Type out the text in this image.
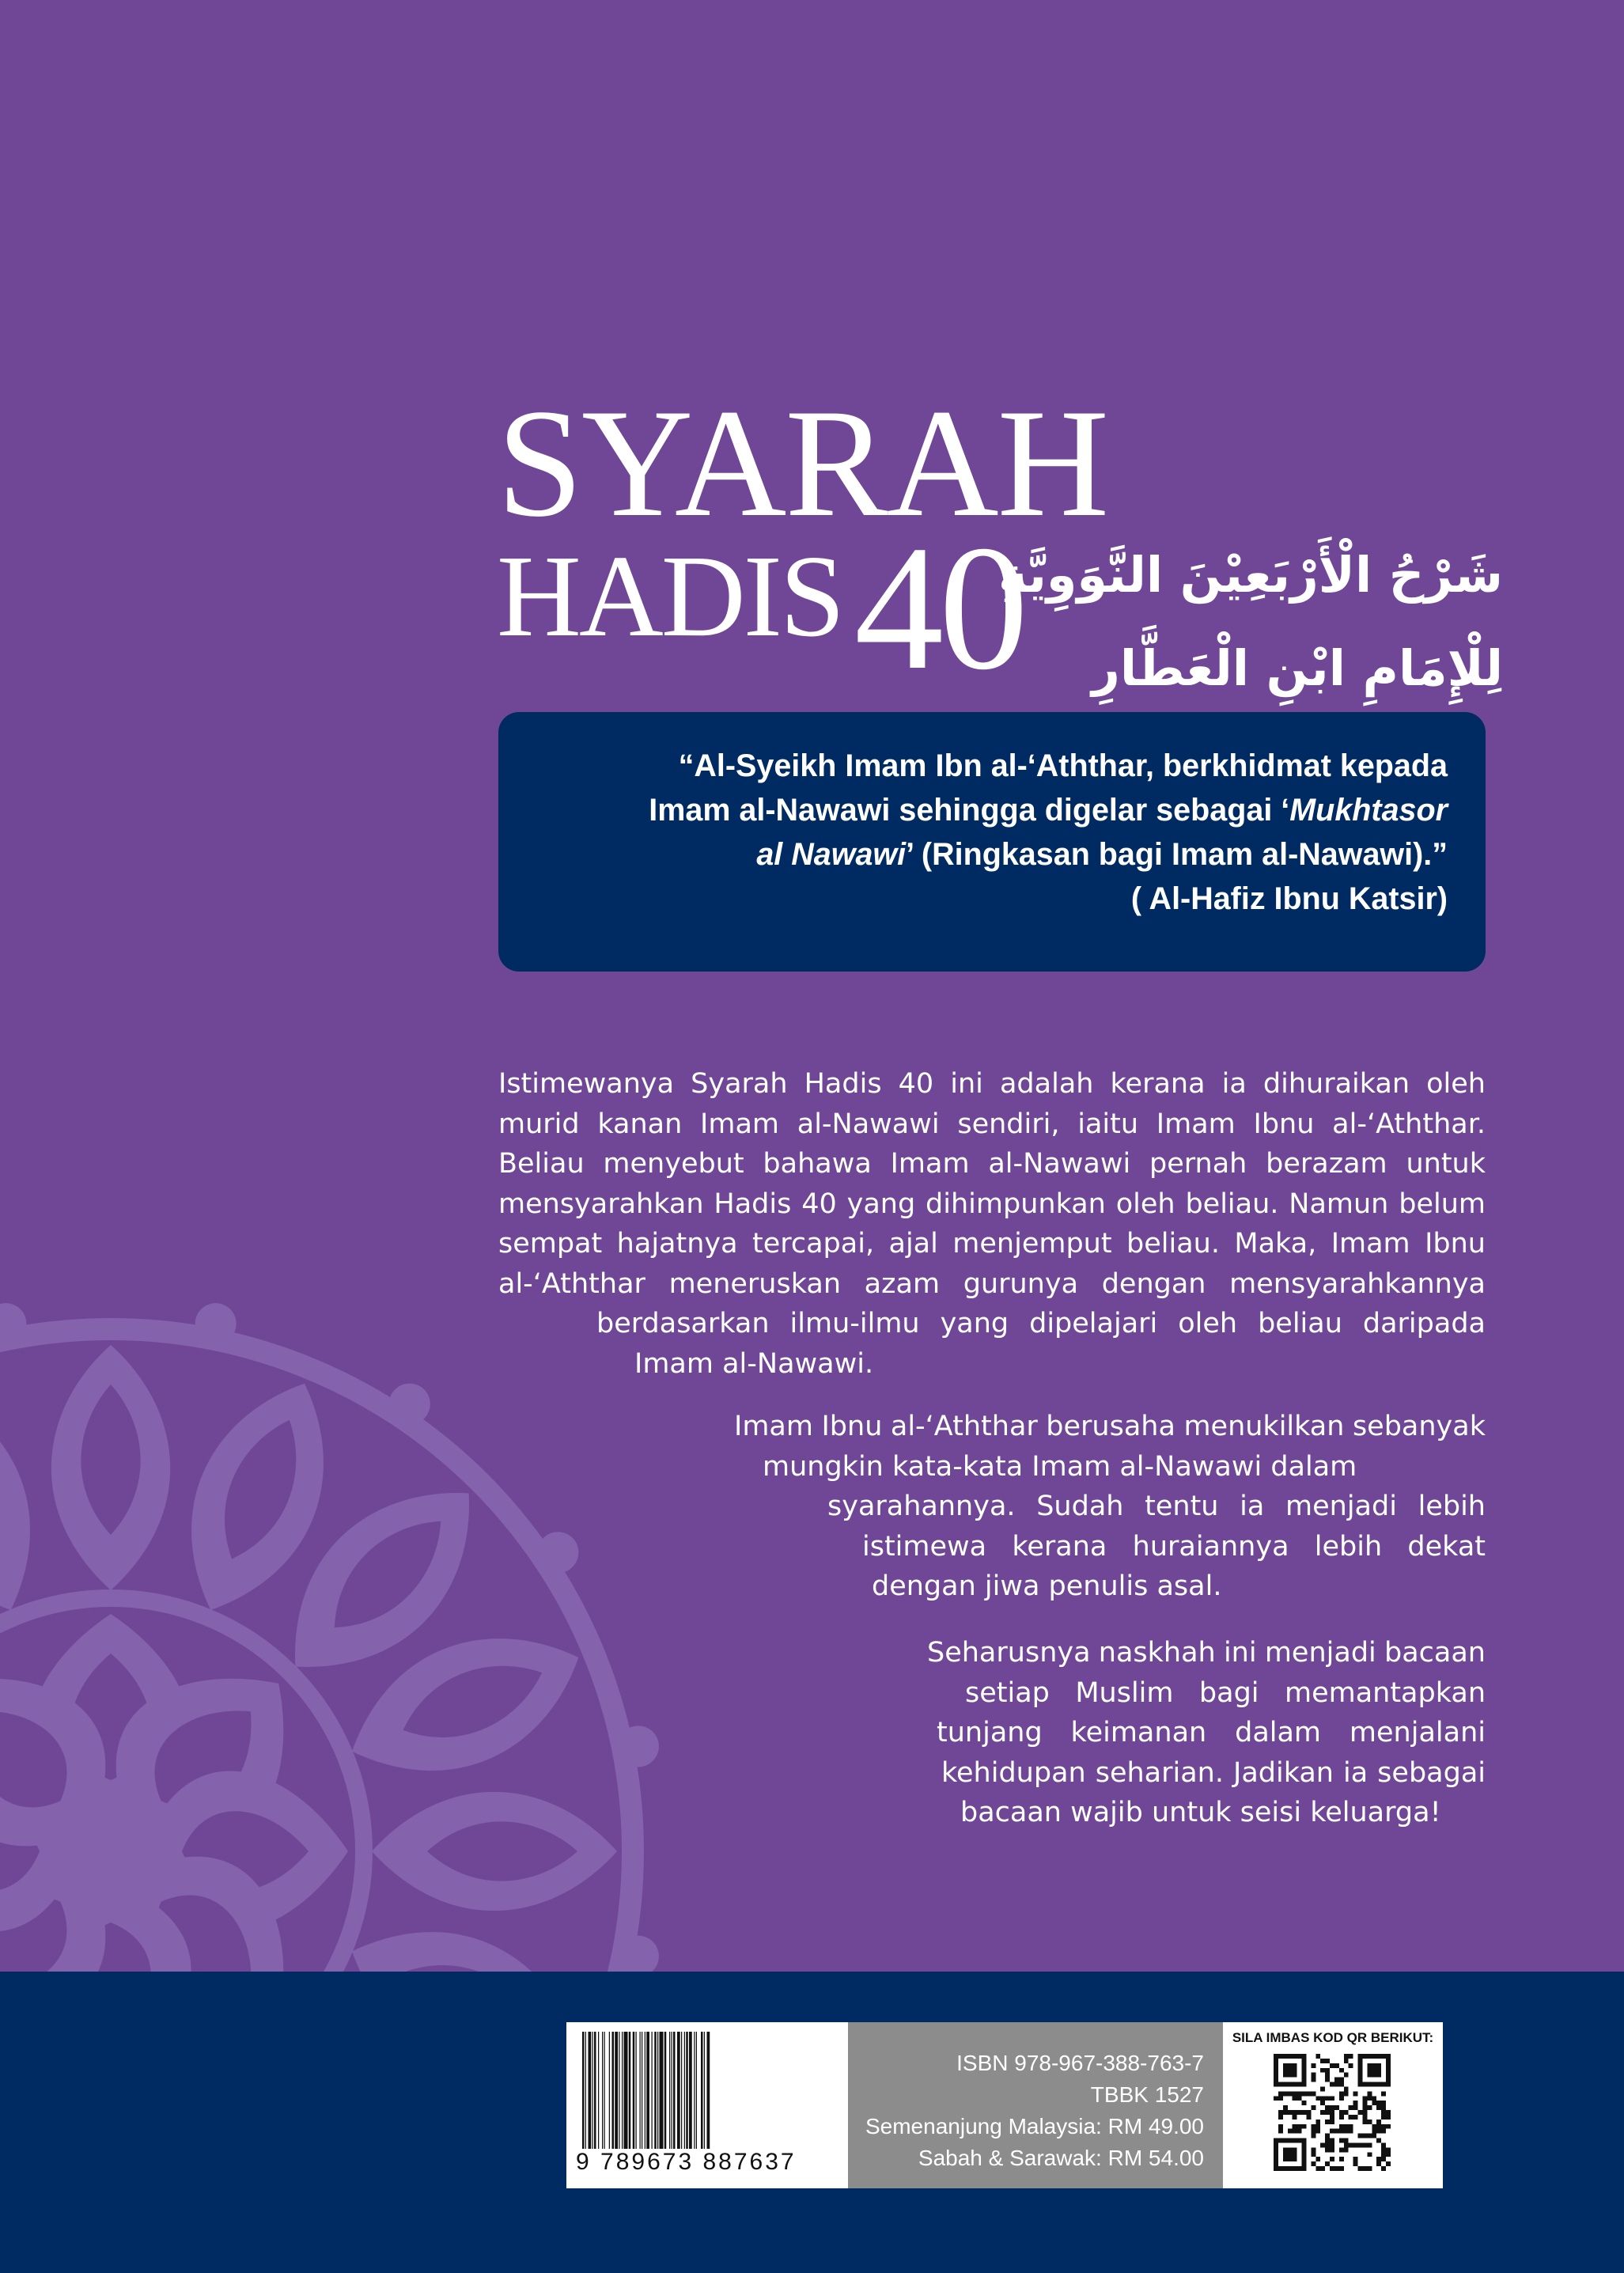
SYARAH
HADIS 40
شَرْحُ الْأَرْبَعِيْنَ النَّوَوِيَّةِ
لِلْإِمَامِ ابْنِ الْعَطَّارِ
“Al-Syeikh Imam Ibn al-‘Aththar, berkhidmat kepada
Imam al-Nawawi sehingga digelar sebagai ‘Mukhtasor
al Nawawi’ (Ringkasan bagi Imam al-Nawawi).”
( Al-Hafiz Ibnu Katsir)
Istimewanya Syarah Hadis 40 ini adalah kerana ia dihuraikan oleh
murid kanan Imam al-Nawawi sendiri, iaitu Imam Ibnu al-‘Aththar.
Beliau menyebut bahawa Imam al-Nawawi pernah berazam untuk
mensyarahkan Hadis 40 yang dihimpunkan oleh beliau. Namun belum
sempat hajatnya tercapai, ajal menjemput beliau. Maka, Imam Ibnu
al-‘Aththar meneruskan azam gurunya dengan mensyarahkannya
berdasarkan ilmu-ilmu yang dipelajari oleh beliau daripada
Imam al-Nawawi.
Imam Ibnu al-‘Aththar berusaha menukilkan sebanyak
mungkin kata-kata Imam al-Nawawi dalam
syarahannya. Sudah tentu ia menjadi lebih
istimewa kerana huraiannya lebih dekat
dengan jiwa penulis asal.
Seharusnya naskhah ini menjadi bacaan
setiap Muslim bagi memantapkan
tunjang keimanan dalam menjalani
kehidupan seharian. Jadikan ia sebagai
bacaan wajib untuk seisi keluarga!
9 789673 887637
ISBN 978-967-388-763-7
TBBK 1527
Semenanjung Malaysia: RM 49.00
Sabah & Sarawak: RM 54.00
SILA IMBAS KOD QR BERIKUT:
